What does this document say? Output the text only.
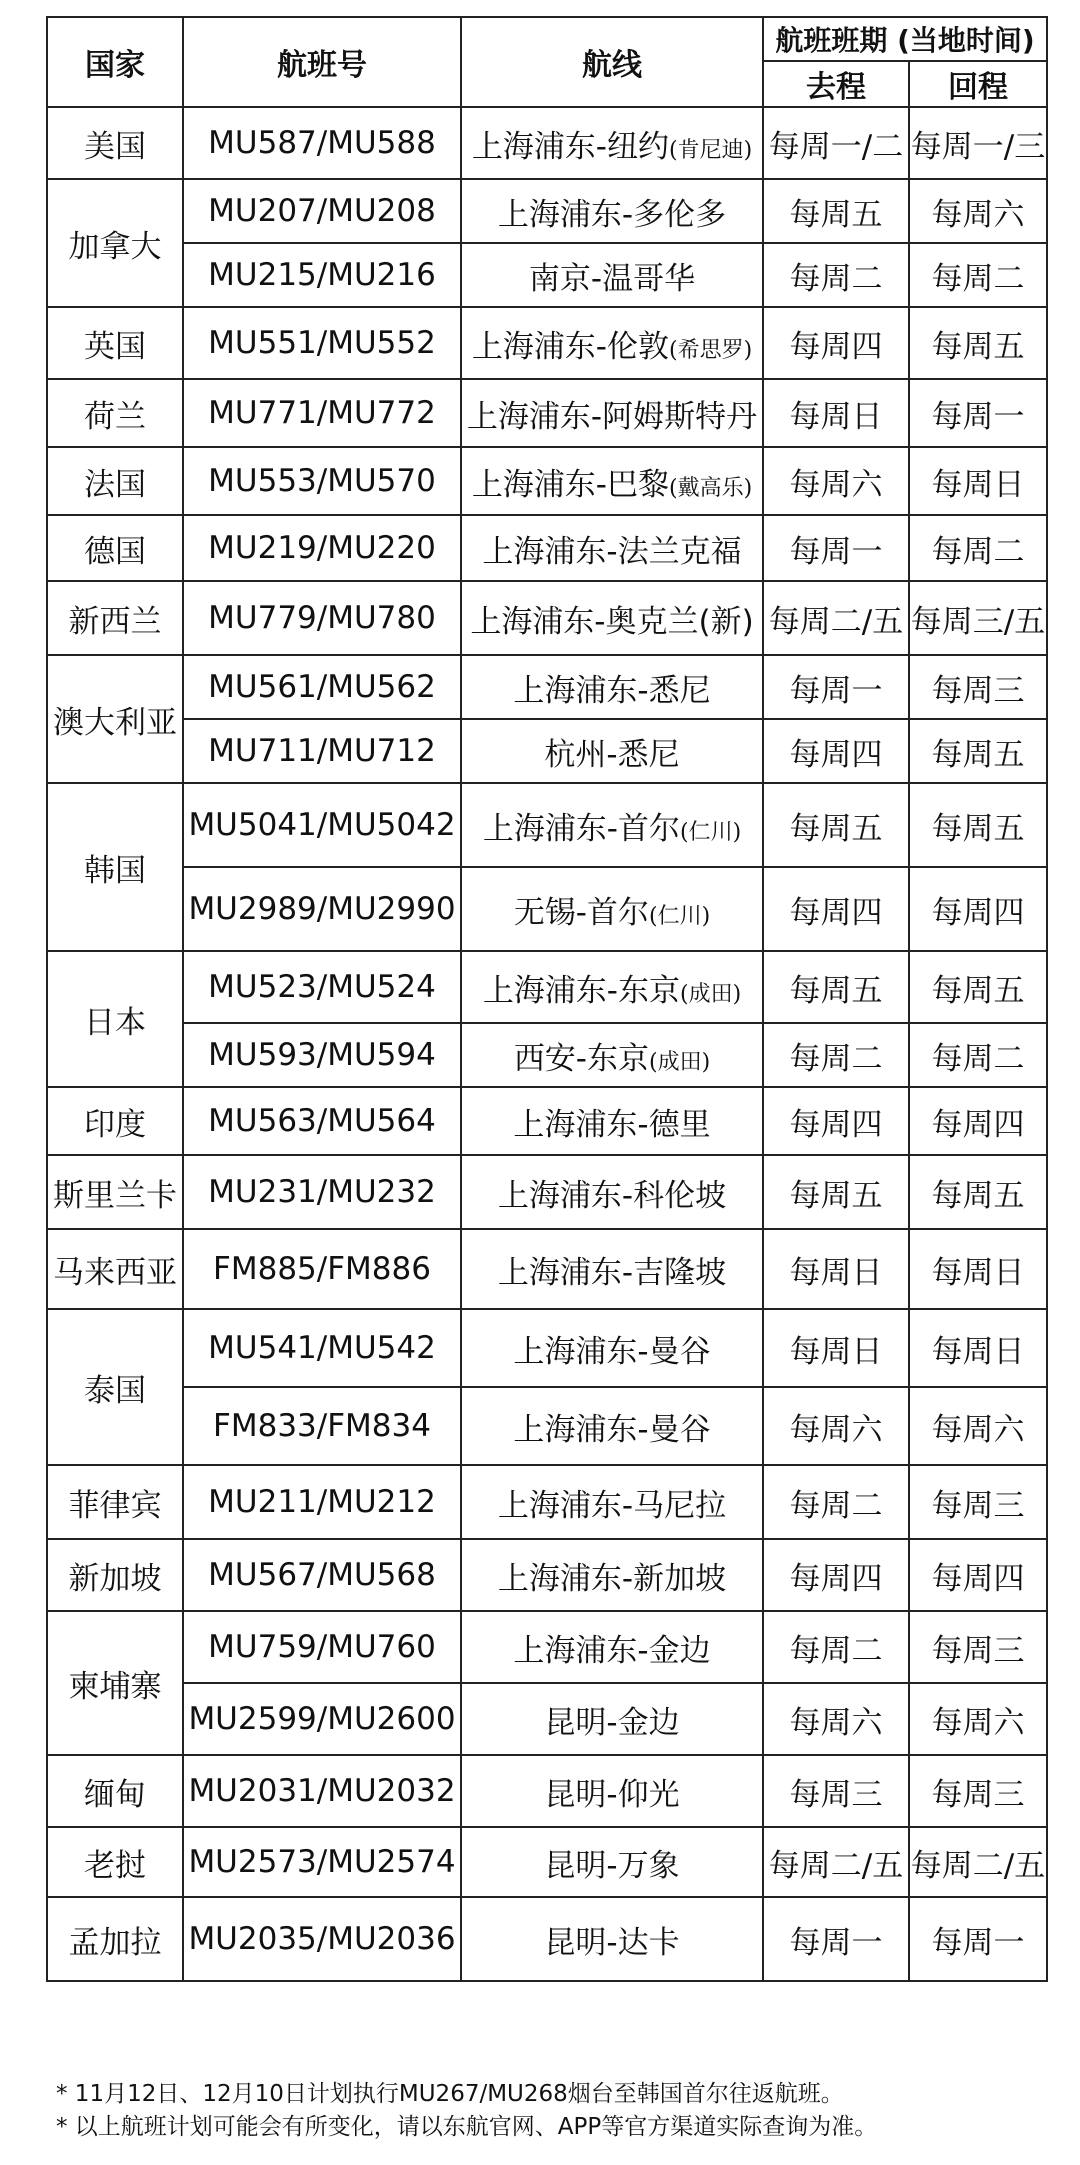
国家	航班号	航线	航班班期 (当地时间)	
			去程	回程
美国	MU587/MU588	上海浦东-纽约(肯尼迪)	每周一/二	每周一/三
加拿大	MU207/MU208	上海浦东-多伦多	每周五	每周六
	MU215/MU216	南京-温哥华	每周二	每周二
英国	MU551/MU552	上海浦东-伦敦(希思罗)	每周四	每周五
荷兰	MU771/MU772	上海浦东-阿姆斯特丹	每周日	每周一
法国	MU553/MU570	上海浦东-巴黎(戴高乐)	每周六	每周日
德国	MU219/MU220	上海浦东-法兰克福	每周一	每周二
新西兰	MU779/MU780	上海浦东-奥克兰(新)	每周二/五	每周三/五
澳大利亚	MU561/MU562	上海浦东-悉尼	每周一	每周三
	MU711/MU712	杭州-悉尼	每周四	每周五
韩国	MU5041/MU5042	上海浦东-首尔(仁川)	每周五	每周五
	MU2989/MU2990	无锡-首尔(仁川)	每周四	每周四
日本	MU523/MU524	上海浦东-东京(成田)	每周五	每周五
	MU593/MU594	西安-东京(成田)	每周二	每周二
印度	MU563/MU564	上海浦东-德里	每周四	每周四
斯里兰卡	MU231/MU232	上海浦东-科伦坡	每周五	每周五
马来西亚	FM885/FM886	上海浦东-吉隆坡	每周日	每周日
泰国	MU541/MU542	上海浦东-曼谷	每周日	每周日
	FM833/FM834	上海浦东-曼谷	每周六	每周六
菲律宾	MU211/MU212	上海浦东-马尼拉	每周二	每周三
新加坡	MU567/MU568	上海浦东-新加坡	每周四	每周四
柬埔寨	MU759/MU760	上海浦东-金边	每周二	每周三
	MU2599/MU2600	昆明-金边	每周六	每周六
缅甸	MU2031/MU2032	昆明-仰光	每周三	每周三
老挝	MU2573/MU2574	昆明-万象	每周二/五	每周二/五
孟加拉	MU2035/MU2036	昆明-达卡	每周一	每周一
* 11月12日、12月10日计划执行MU267/MU268烟台至韩国首尔往返航班。
* 以上航班计划可能会有所变化，请以东航官网、APP等官方渠道实际查询为准。
